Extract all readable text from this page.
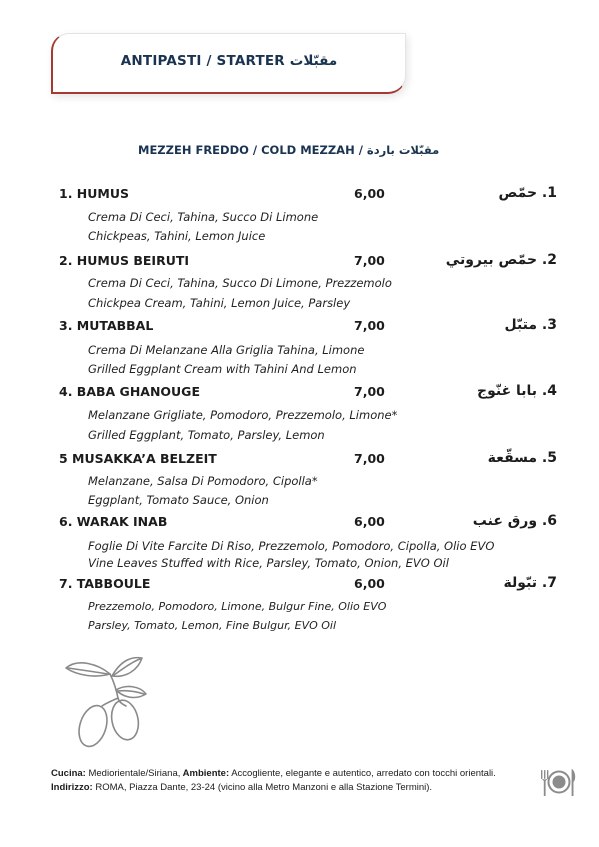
ANTIPASTI / STARTER مقبّلات
MEZZEH FREDDO / COLD MEZZAH / مقبّلات باردة
1. HUMUS	6,00	1. حمّص
Crema Di Ceci, Tahina, Succo Di Limone
Chickpeas, Tahini, Lemon Juice
2. HUMUS BEIRUTI	7,00	2. حمّص بيروتي
Crema Di Ceci, Tahina, Succo Di Limone, Prezzemolo
Chickpea Cream, Tahini, Lemon Juice, Parsley
3. MUTABBAL	7,00	3. متبّل
Crema Di Melanzane Alla Griglia Tahina, Limone
Grilled Eggplant Cream with Tahini And Lemon
4. BABA GHANOUGE	7,00	4. بابا غنّوج
Melanzane Grigliate, Pomodoro, Prezzemolo, Limone*
Grilled Eggplant, Tomato, Parsley, Lemon
5 MUSAKKA’A BELZEIT	7,00	5. مسقّعة
Melanzane, Salsa Di Pomodoro, Cipolla*
Eggplant, Tomato Sauce, Onion
6. WARAK INAB	6,00	6. ورق عنب
Foglie Di Vite Farcite Di Riso, Prezzemolo, Pomodoro, Cipolla, Olio EVO
Vine Leaves Stuffed with Rice, Parsley, Tomato, Onion, EVO Oil
7. TABBOULE	6,00	7. تبّولة
Prezzemolo, Pomodoro, Limone, Bulgur Fine, Olio EVO
Parsley, Tomato, Lemon, Fine Bulgur, EVO Oil
Cucina: Mediorientale/Siriana, Ambiente: Accogliente, elegante e autentico, arredato con tocchi orientali. Indirizzo: ROMA, Piazza Dante, 23-24 (vicino alla Metro Manzoni e alla Stazione Termini).
